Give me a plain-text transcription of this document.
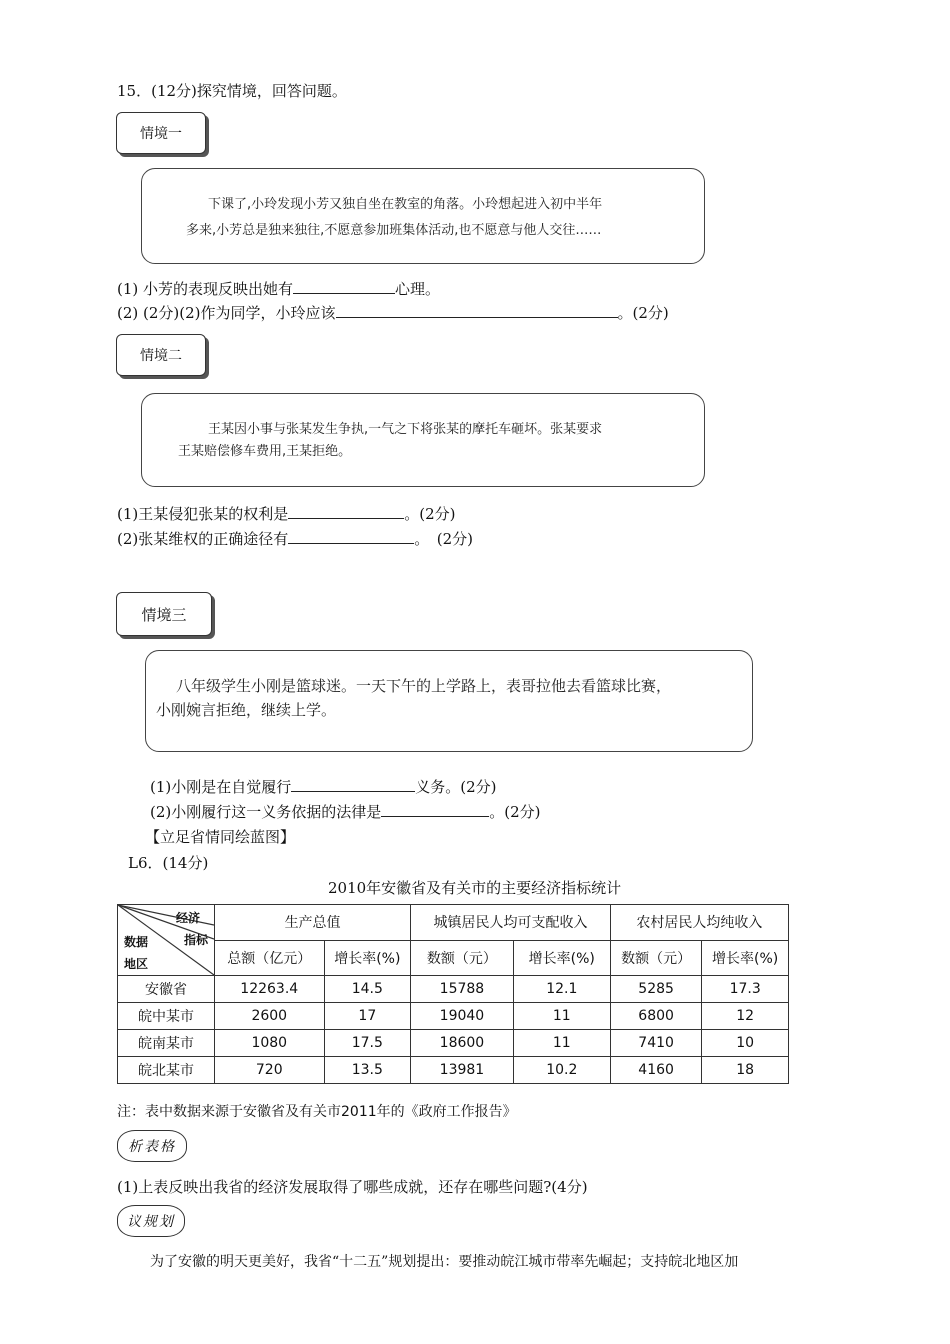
15．(12分)探究情境，回答问题。
情境一
下课了,小玲发现小芳又独自坐在教室的角落。小玲想起进入初中半年
多来,小芳总是独来独往,不愿意参加班集体活动,也不愿意与他人交往……
(1) 小芳的表现反映出她有	心理。
(2) (2分)(2)作为同学，小玲应该	。(2分)
情境二
王某因小事与张某发生争执,一气之下将张某的摩托车砸坏。张某要求
王某赔偿修车费用,王某拒绝。
(1)王某侵犯张某的权利是	。(2分)
(2)张某维权的正确途径有	。　(2分)
情境三
八年级学生小刚是篮球迷。一天下午的上学路上，表哥拉他去看篮球比赛，
小刚婉言拒绝，继续上学。
(1)小刚是在自觉履行	义务。(2分)
(2)小刚履行这一义务依据的法律是	。(2分)
【立足省情同绘蓝图】
L6．(14分)
2010年安徽省及有关市的主要经济指标统计
经济
指标
数据
地区	生产总值		城镇居民人均可支配收入		农村居民人均纯收入	
	总额（亿元）	增长率(%)	数额（元）	增长率(%)	数额（元）	增长率(%)
安徽省	12263.4	14.5	15788	12.1	5285	17.3
皖中某市	2600	17	19040	11	6800	12
皖南某市	1080	17.5	18600	11	7410	10
皖北某市	720	13.5	13981	10.2	4160	18
注：表中数据来源于安徽省及有关市2011年的《政府工作报告》
析表格
(1)上表反映出我省的经济发展取得了哪些成就，还存在哪些问题?(4分)
议规划
为了安徽的明天更美好，我省“十二五”规划提出：要推动皖江城市带率先崛起；支持皖北地区加
